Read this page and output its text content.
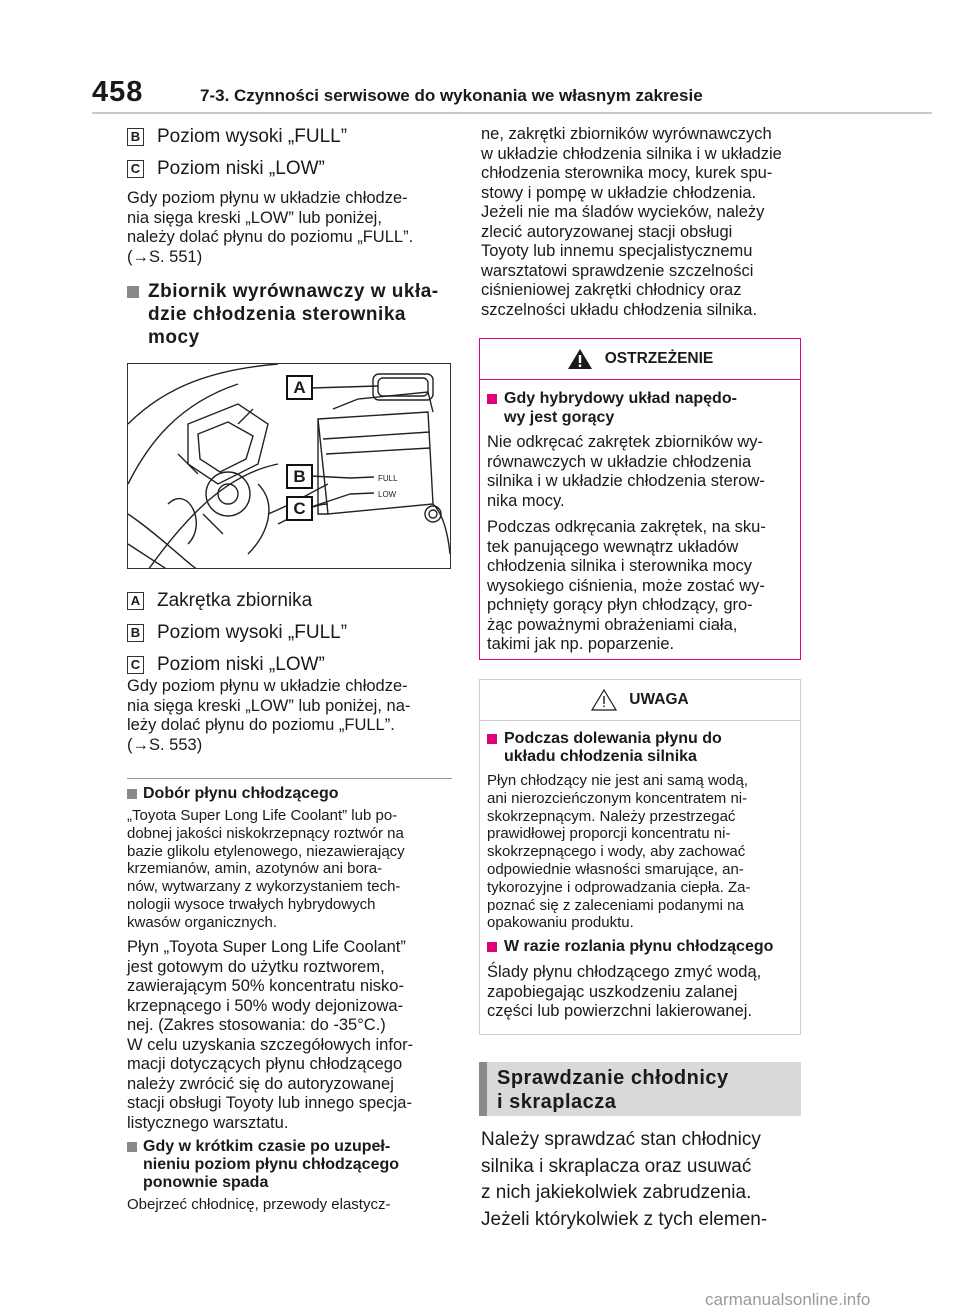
458	7-3. Czynności serwisowe do wykonania we własnym zakresie
B Poziom wysoki „FULL”
C Poziom niski „LOW”

Gdy poziom płynu w układzie chłodze-

nia sięga kreski „LOW” lub poniżej,

należy dolać płynu do poziomu „FULL”.

(→S. 551)

Zbiornik wyrównawczy w ukła-
dzie chłodzenia sterownika
mocy
FULL
LOW
A
B
C
A Zakrętka zbiornika
B Poziom wysoki „FULL”
C Poziom niski „LOW”

Gdy poziom płynu w układzie chłodze-

nia sięga kreski „LOW” lub poniżej, na-

leży dolać płynu do poziomu „FULL”.

(→S. 553)

Dobór płynu chłodzącego

„Toyota Super Long Life Coolant” lub po-

dobnej jakości niskokrzepnący roztwór na

bazie glikolu etylenowego, niezawierający

krzemianów, amin, azotynów ani bora-

nów, wytwarzany z wykorzystaniem tech-

nologii wysoce trwałych hybrydowych

kwasów organicznych.

Płyn „Toyota Super Long Life Coolant”

jest gotowym do użytku roztworem,

zawierającym 50% koncentratu nisko-

krzepnącego i 50% wody dejonizowa-

nej. (Zakres stosowania: do -35°C.)

W celu uzyskania szczegółowych infor-

macji dotyczących płynu chłodzącego

należy zwrócić się do autoryzowanej

stacji obsługi Toyoty lub innego specja-

listycznego warsztatu.

Gdy w krótkim czasie po uzupeł-
nieniu poziom płynu chłodzącego
ponownie spada

Obejrzeć chłodnicę, przewody elastycz-

ne, zakrętki zbiorników wyrównawczych

w układzie chłodzenia silnika i w układzie

chłodzenia sterownika mocy, kurek spu-

stowy i pompę w układzie chłodzenia.

Jeżeli nie ma śladów wycieków, należy

zlecić autoryzowanej stacji obsługi

Toyoty lub innemu specjalistycznemu

warsztatowi sprawdzenie szczelności

ciśnieniowej zakrętki chłodnicy oraz

szczelności układu chłodzenia silnika.

OSTRZEŻENIE
Gdy hybrydowy układ napędo-
wy jest gorący

Nie odkręcać zakrętek zbiorników wy-

równawczych w układzie chłodzenia

silnika i w układzie chłodzenia sterow-

nika mocy.

Podczas odkręcania zakrętek, na sku-

tek panującego wewnątrz układów

chłodzenia silnika i sterownika mocy

wysokiego ciśnienia, może zostać wy-

pchnięty gorący płyn chłodzący, gro-

żąc poważnymi obrażeniami ciała,

takimi jak np. poparzenie.

UWAGA
Podczas dolewania płynu do
układu chłodzenia silnika

Płyn chłodzący nie jest ani samą wodą,

ani nierozcieńczonym koncentratem ni-

skokrzepnącym. Należy przestrzegać

prawidłowej proporcji koncentratu ni-

skokrzepnącego i wody, aby zachować

odpowiednie własności smarujące, an-

tykorozyjne i odprowadzania ciepła. Za-

poznać się z zaleceniami podanymi na

opakowaniu produktu.

W razie rozlania płynu chłodzącego

Ślady płynu chłodzącego zmyć wodą,

zapobiegając uszkodzeniu zalanej

części lub powierzchni lakierowanej.

Sprawdzanie chłodnicy
i skraplacza

Należy sprawdzać stan chłodnicy

silnika i skraplacza oraz usuwać

z nich jakiekolwiek zabrudzenia.

Jeżeli którykolwiek z tych elemen-

carmanualsonline.info
